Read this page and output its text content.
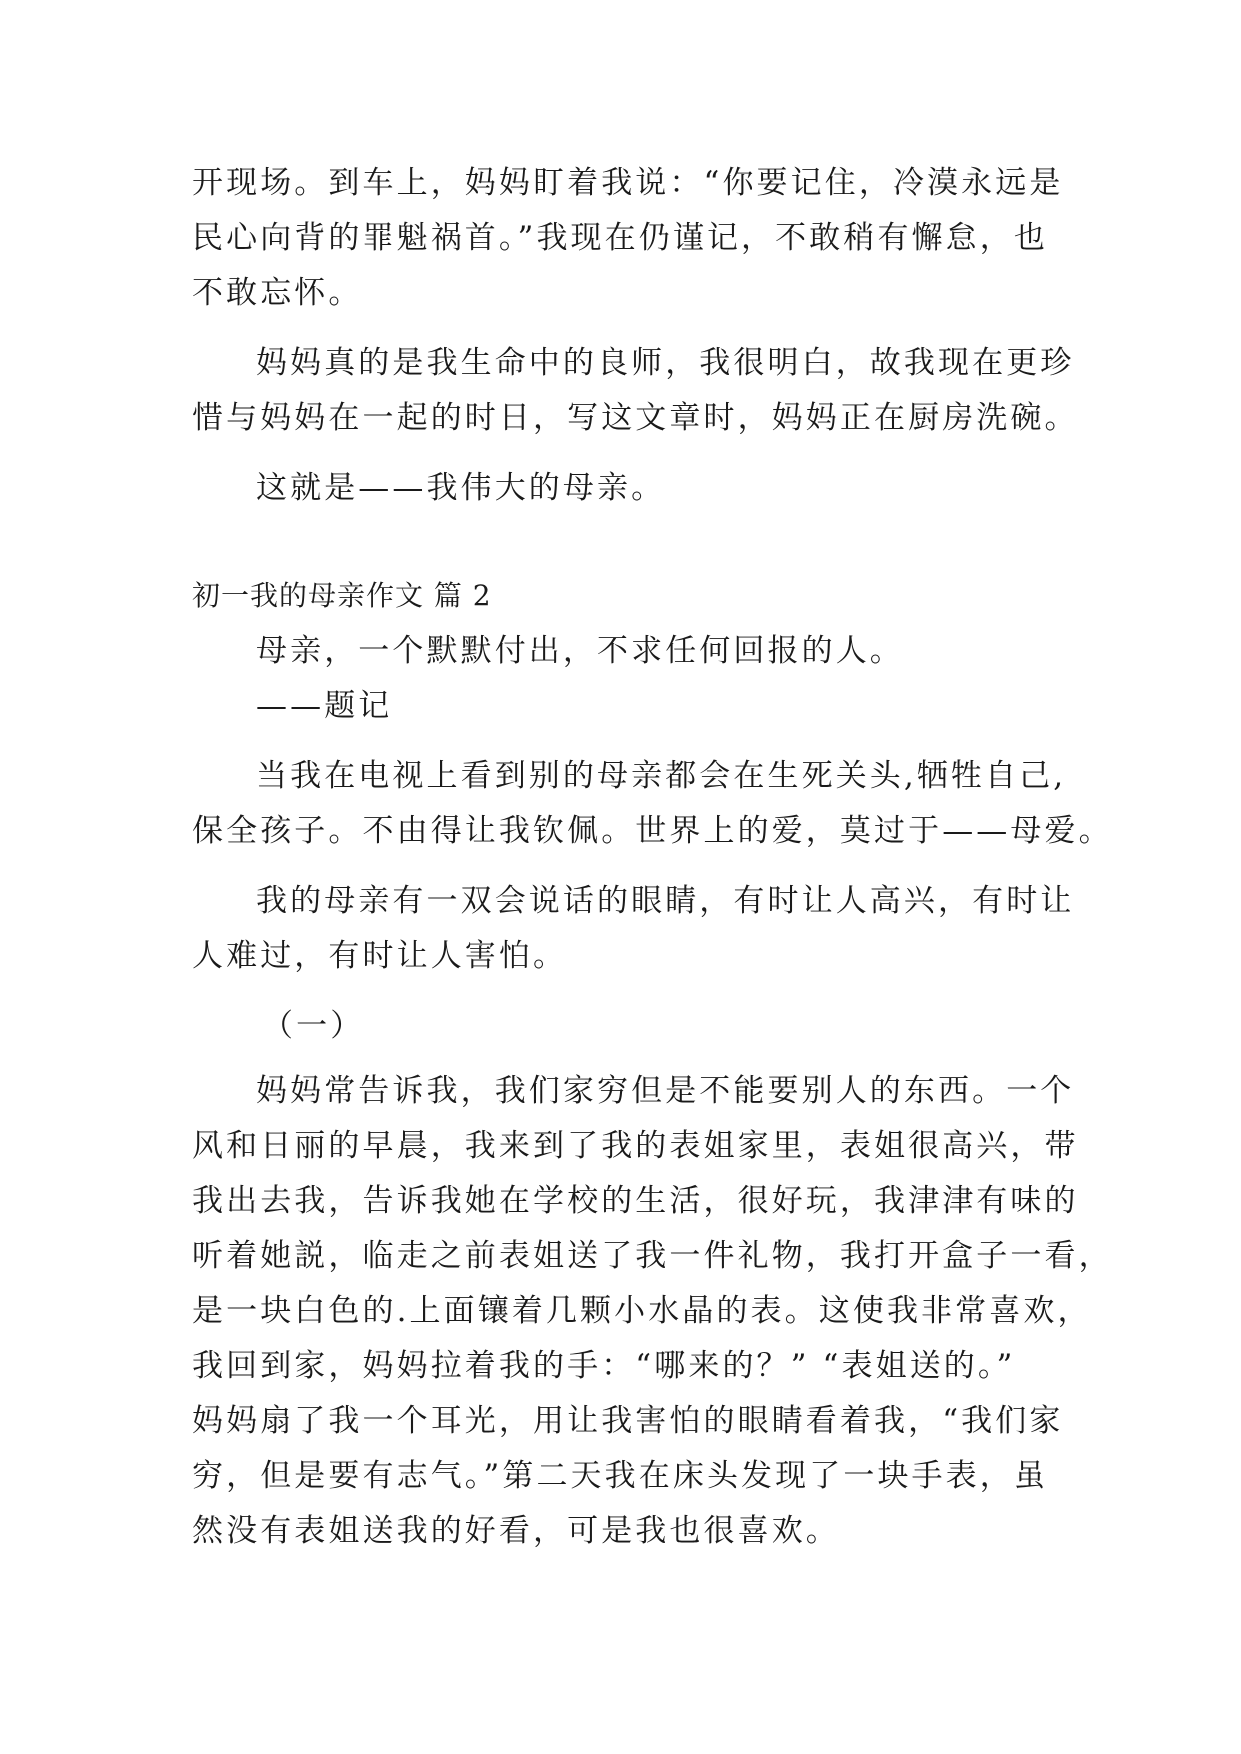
开现场。到车上，妈妈盯着我说：“你要记住，冷漠永远是
民心向背的罪魁祸首。”我现在仍谨记，不敢稍有懈怠，也
不敢忘怀。
妈妈真的是我生命中的良师，我很明白，故我现在更珍
惜与妈妈在一起的时日，写这文章时，妈妈正在厨房洗碗。
这就是——我伟大的母亲。
初一我的母亲作文 篇 2
母亲，一个默默付出，不求任何回报的人。
——题记
当我在电视上看到别的母亲都会在生死关头,牺牲自己,
保全孩子。不由得让我钦佩。世界上的爱，莫过于——母爱。
我的母亲有一双会说话的眼睛，有时让人高兴，有时让
人难过，有时让人害怕。
（一）
妈妈常告诉我，我们家穷但是不能要别人的东西。一个
风和日丽的早晨，我来到了我的表姐家里，表姐很高兴，带
我出去我，告诉我她在学校的生活，很好玩，我津津有味的
听着她説，临走之前表姐送了我一件礼物，我打开盒子一看，
是一块白色的.上面镶着几颗小水晶的表。这使我非常喜欢，
我回到家，妈妈拉着我的手：“哪来的？” “表姐送的。”
妈妈扇了我一个耳光，用让我害怕的眼睛看着我，“我们家
穷，但是要有志气。”第二天我在床头发现了一块手表，虽
然没有表姐送我的好看，可是我也很喜欢。
